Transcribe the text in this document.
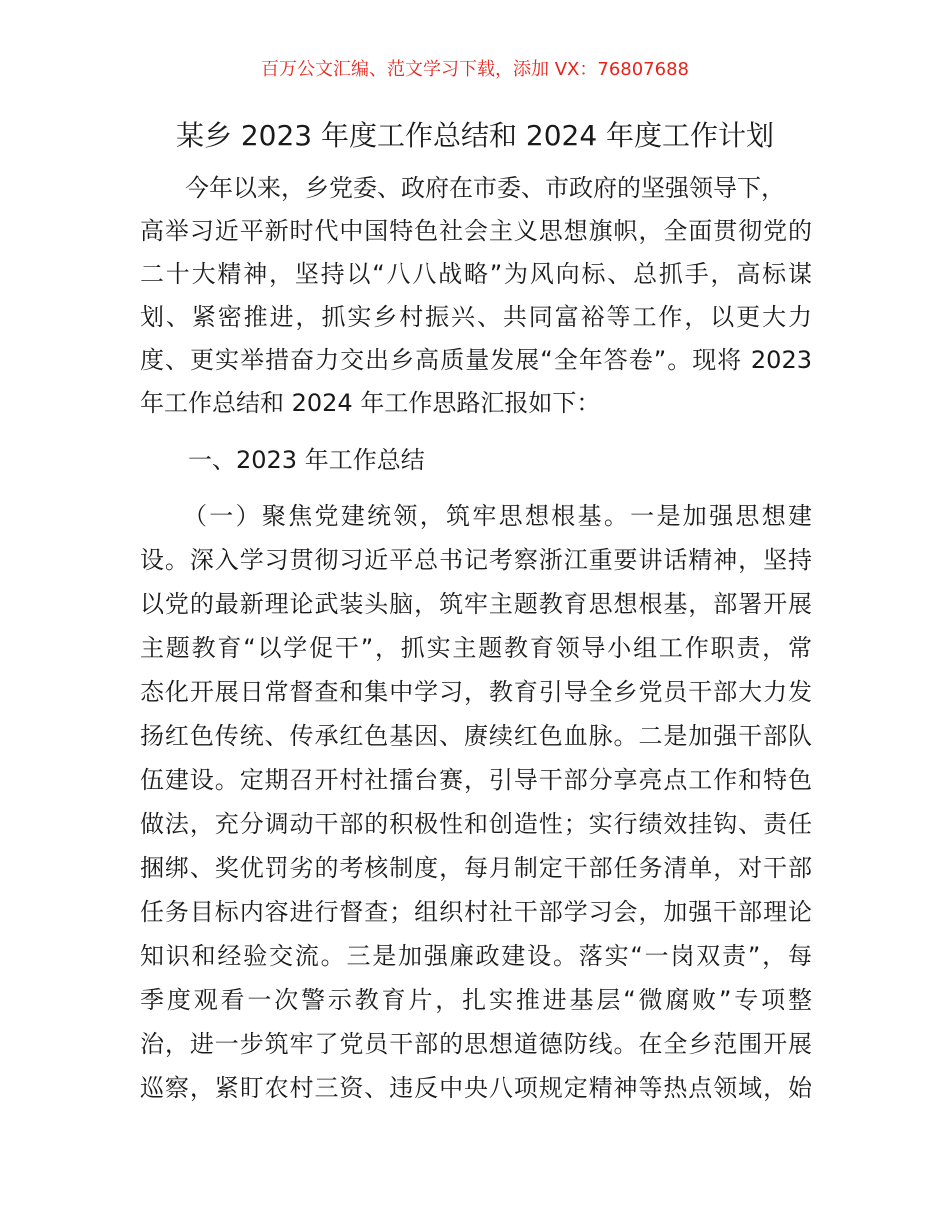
百万公文汇编、范文学习下载，添加 VX：76807688
某乡 2023 年度工作总结和 2024 年度工作计划
今年以来，乡党委、政府在市委、市政府的坚强领导下，
高举习近平新时代中国特色社会主义思想旗帜，全面贯彻党的
二十大精神，坚持以“八八战略”为风向标、总抓手，高标谋
划、紧密推进，抓实乡村振兴、共同富裕等工作，以更大力
度、更实举措奋力交出乡高质量发展“全年答卷”。现将 2023
年工作总结和 2024 年工作思路汇报如下：
一、2023 年工作总结
（一）聚焦党建统领，筑牢思想根基。一是加强思想建
设。深入学习贯彻习近平总书记考察浙江重要讲话精神，坚持
以党的最新理论武装头脑，筑牢主题教育思想根基，部署开展
主题教育“以学促干”，抓实主题教育领导小组工作职责，常
态化开展日常督查和集中学习，教育引导全乡党员干部大力发
扬红色传统、传承红色基因、赓续红色血脉。二是加强干部队
伍建设。定期召开村社擂台赛，引导干部分享亮点工作和特色
做法，充分调动干部的积极性和创造性；实行绩效挂钩、责任
捆绑、奖优罚劣的考核制度，每月制定干部任务清单，对干部
任务目标内容进行督查；组织村社干部学习会，加强干部理论
知识和经验交流。三是加强廉政建设。落实“一岗双责”，每
季度观看一次警示教育片，扎实推进基层“微腐败”专项整
治，进一步筑牢了党员干部的思想道德防线。在全乡范围开展
巡察，紧盯农村三资、违反中央八项规定精神等热点领域，始
